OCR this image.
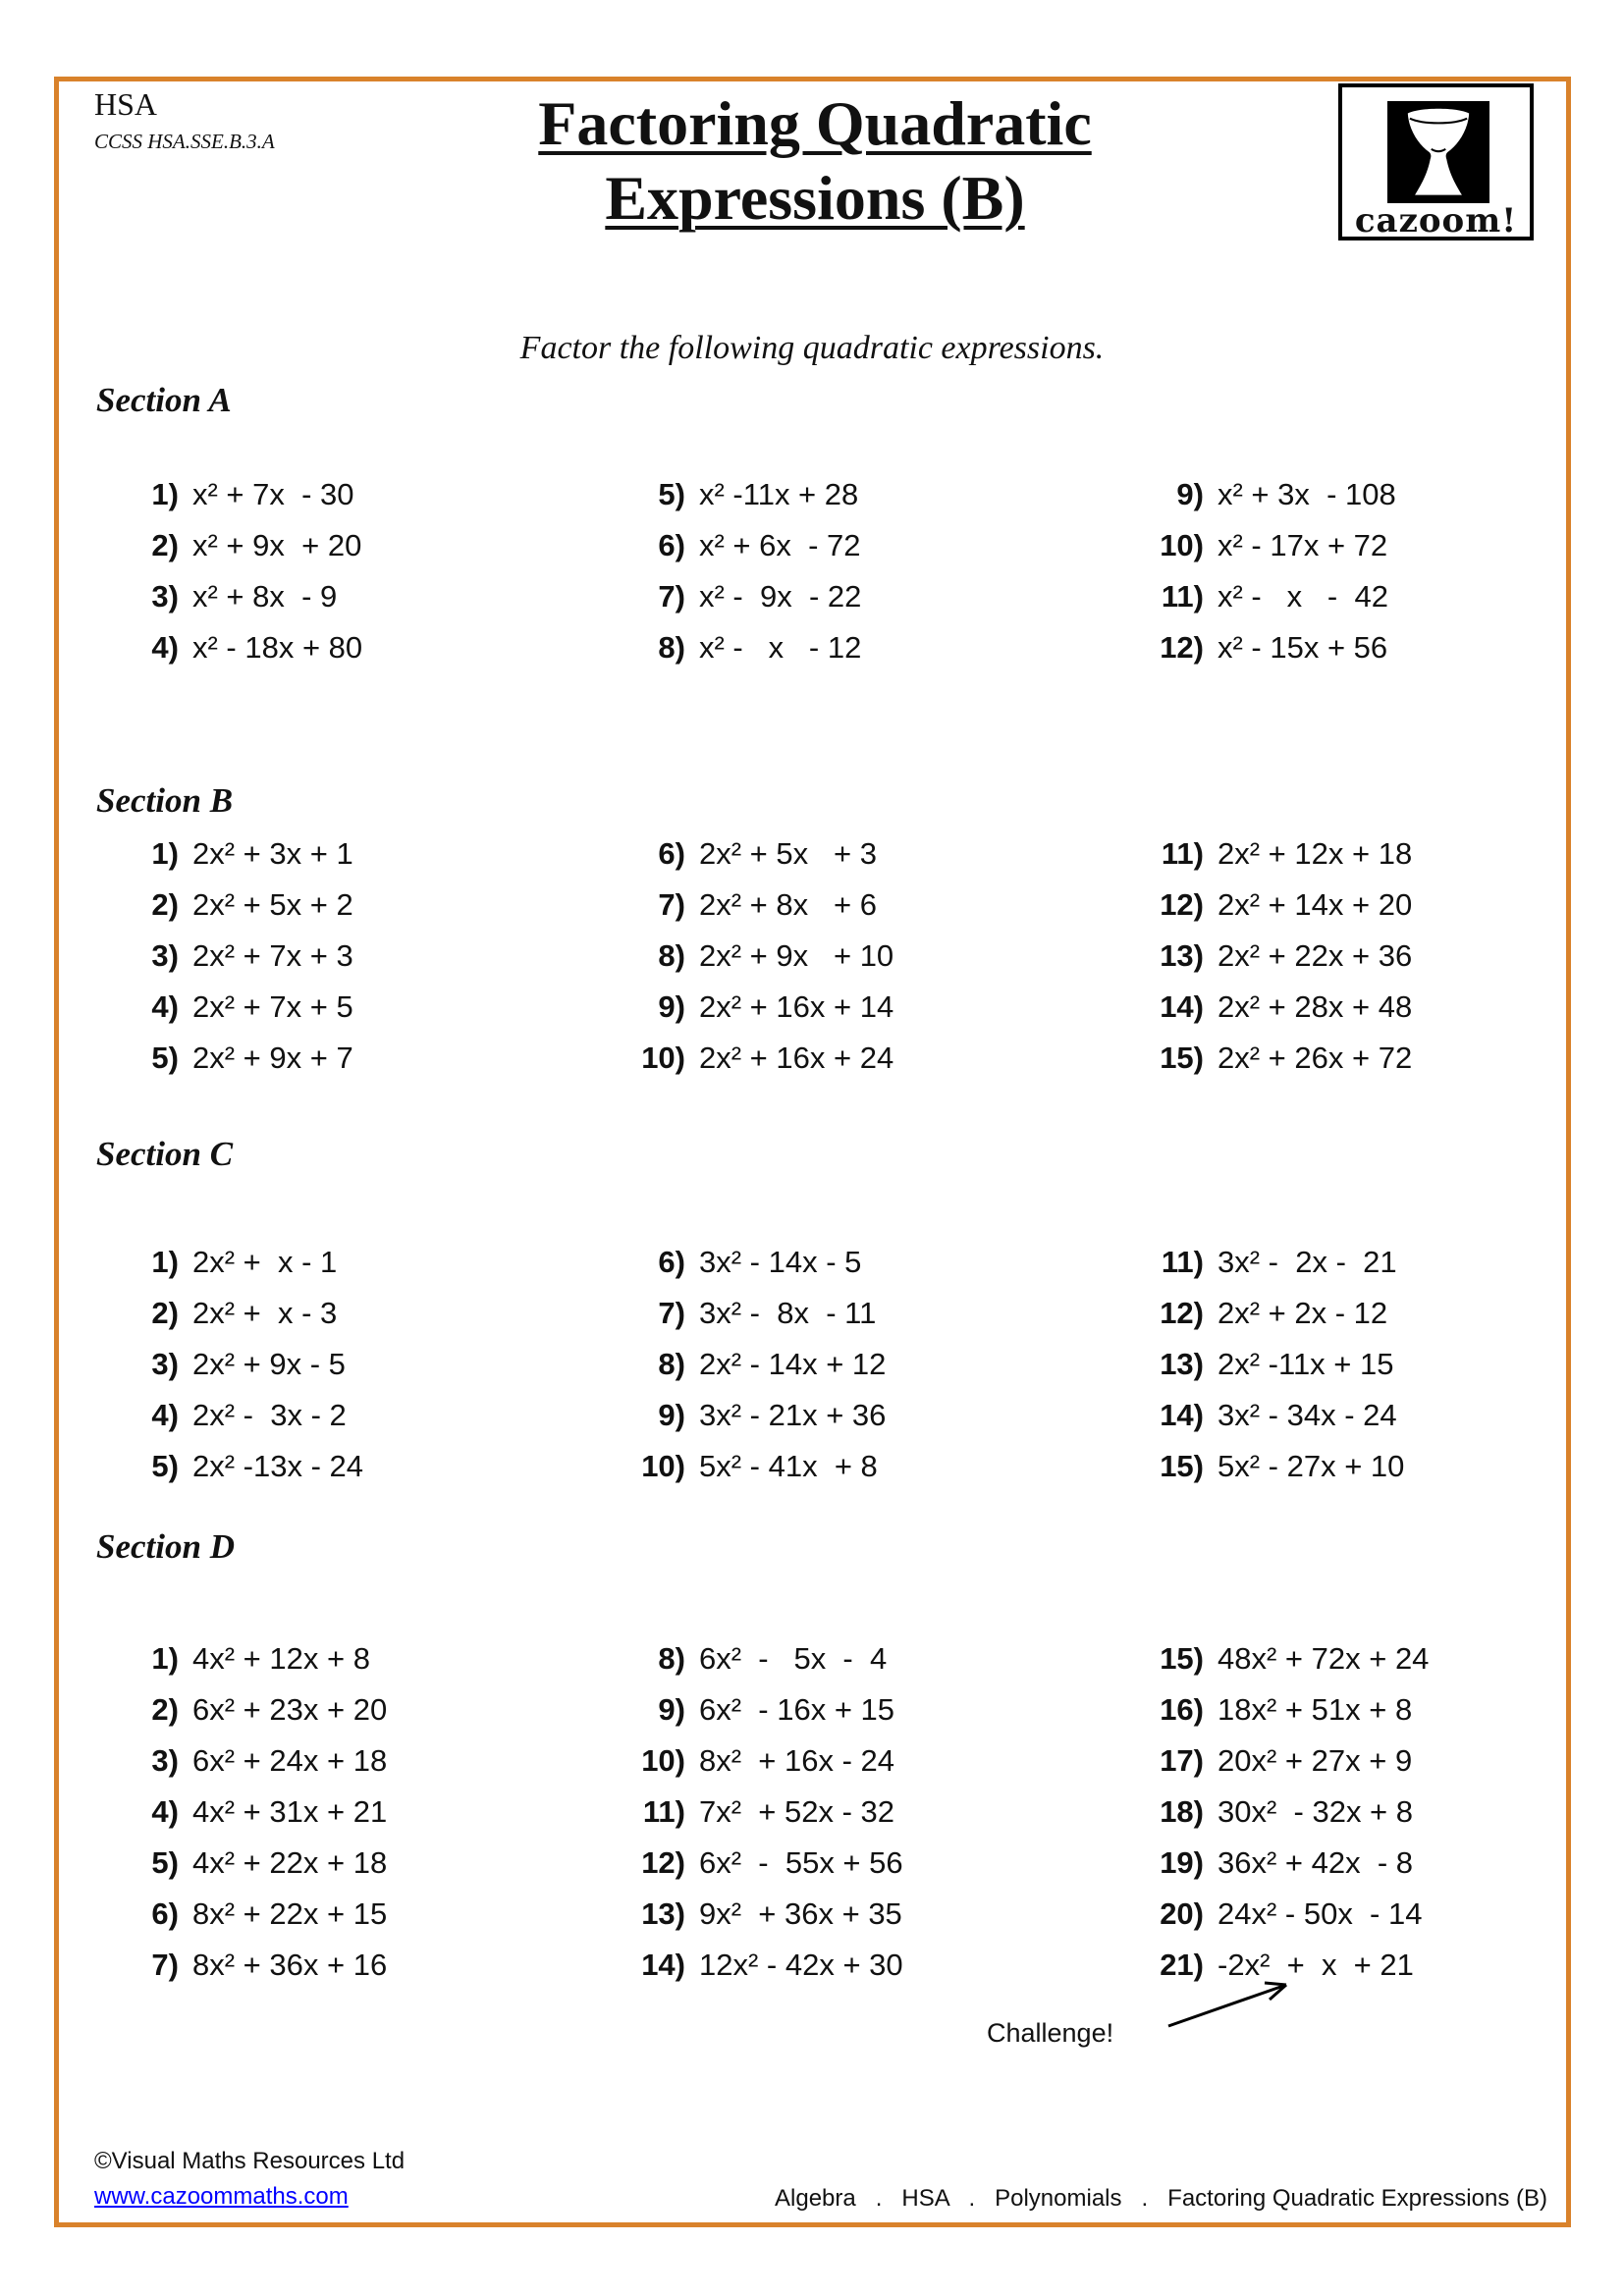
HSA
CCSS HSA.SSE.B.3.A	Factoring Quadratic
Expressions (B)	cazoom!
Factor the following quadratic expressions.
Section A
1) x² + 7x  - 30
2) x² + 9x  + 20
3) x² + 8x  - 9
4) x² - 18x + 80
5) x² -11x + 28
6) x² + 6x  - 72
7) x² -  9x  - 22
8) x² -   x   - 12
9) x² + 3x  - 108
10) x² - 17x + 72
11) x² -   x   -  42
12) x² - 15x + 56
Section B
1) 2x² + 3x + 1
2) 2x² + 5x + 2
3) 2x² + 7x + 3
4) 2x² + 7x + 5
5) 2x² + 9x + 7
6) 2x² + 5x   + 3
7) 2x² + 8x   + 6
8) 2x² + 9x   + 10
9) 2x² + 16x + 14
10) 2x² + 16x + 24
11) 2x² + 12x + 18
12) 2x² + 14x + 20
13) 2x² + 22x + 36
14) 2x² + 28x + 48
15) 2x² + 26x + 72
Section C
1) 2x² +  x - 1
2) 2x² +  x - 3
3) 2x² + 9x - 5
4) 2x² -  3x - 2
5) 2x² -13x - 24
6) 3x² - 14x - 5
7) 3x² -  8x  - 11
8) 2x² - 14x + 12
9) 3x² - 21x + 36
10) 5x² - 41x  + 8
11) 3x² -  2x -  21
12) 2x² + 2x - 12
13) 2x² -11x + 15
14) 3x² - 34x - 24
15) 5x² - 27x + 10
Section D
1) 4x² + 12x + 8
2) 6x² + 23x + 20
3) 6x² + 24x + 18
4) 4x² + 31x + 21
5) 4x² + 22x + 18
6) 8x² + 22x + 15
7) 8x² + 36x + 16
8) 6x²  -   5x  -  4
9) 6x²  - 16x + 15
10) 8x²  + 16x - 24
11) 7x²  + 52x - 32
12) 6x²  -  55x + 56
13) 9x²  + 36x + 35
14) 12x² - 42x + 30
15) 48x² + 72x + 24
16) 18x² + 51x + 8
17) 20x² + 27x + 9
18) 30x²  - 32x + 8
19) 36x² + 42x  - 8
20) 24x² - 50x  - 14
21) -2x²  +  x  + 21
Challenge!
©Visual Maths Resources Ltd
www.cazoommaths.com	Algebra   .   HSA   .   Polynomials   .   Factoring Quadratic Expressions (B)
